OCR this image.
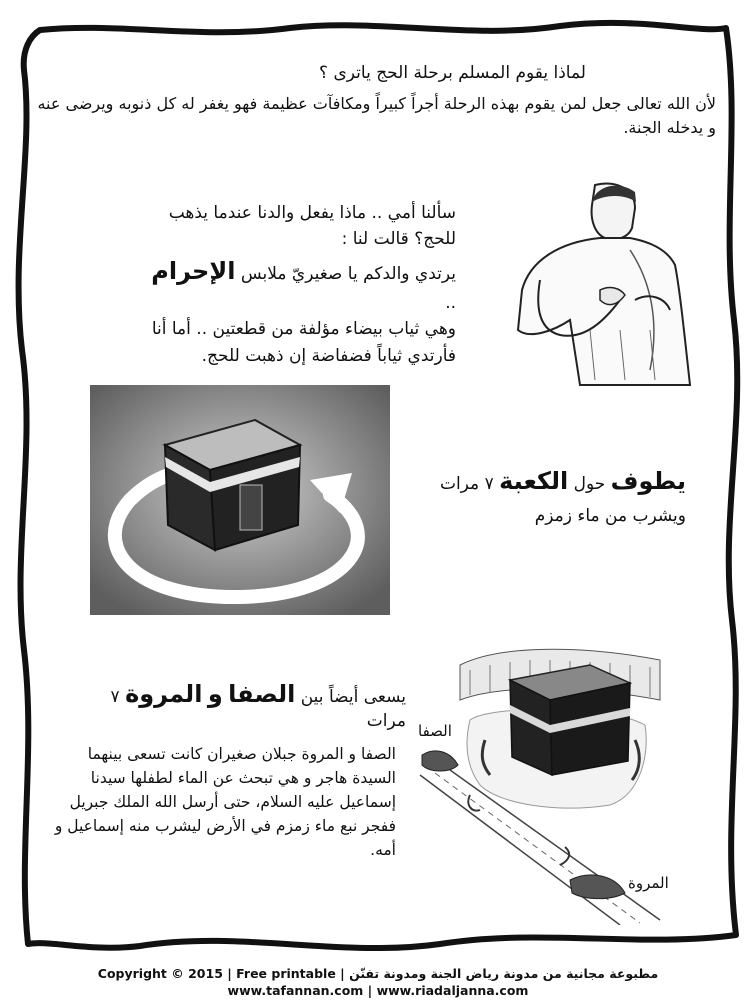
لماذا يقوم المسلم برحلة الحج ياترى ؟
لأن الله تعالى جعل لمن يقوم بهذه الرحلة أجراً كبيراً ومكافآت عظيمة فهو يغفر له كل ذنوبه ويرضى عنه و يدخله الجنة.
سألنا أمي .. ماذا يفعل والدنا عندما يذهب للحج؟ قالت لنا :
يرتدي والدكم يا صغيريّ ملابس الإحرام ..
وهي ثياب بيضاء مؤلفة من قطعتين .. أما أنا فأرتدي ثياباً فضفاضة إن ذهبت للحج.
يطوف حول الكعبة ٧ مرات
ويشرب من ماء زمزم
يسعى أيضاً بين الصفا و المروة ٧ مرات
الصفا و المروة جبلان صغيران كانت تسعى بينهما السيدة هاجر و هي تبحث عن الماء لطفلها سيدنا إسماعيل عليه السلام، حتى أرسل الله الملك جبريل ففجر نبع ماء زمزم في الأرض ليشرب منه إسماعيل و أمه.
الصفا
المروة
Copyright © 2015 | Free printable | مطبوعة مجانية من مدونة رياض الجنة ومدونة تفنّن
www.tafannan.com | www.riadaljanna.com
